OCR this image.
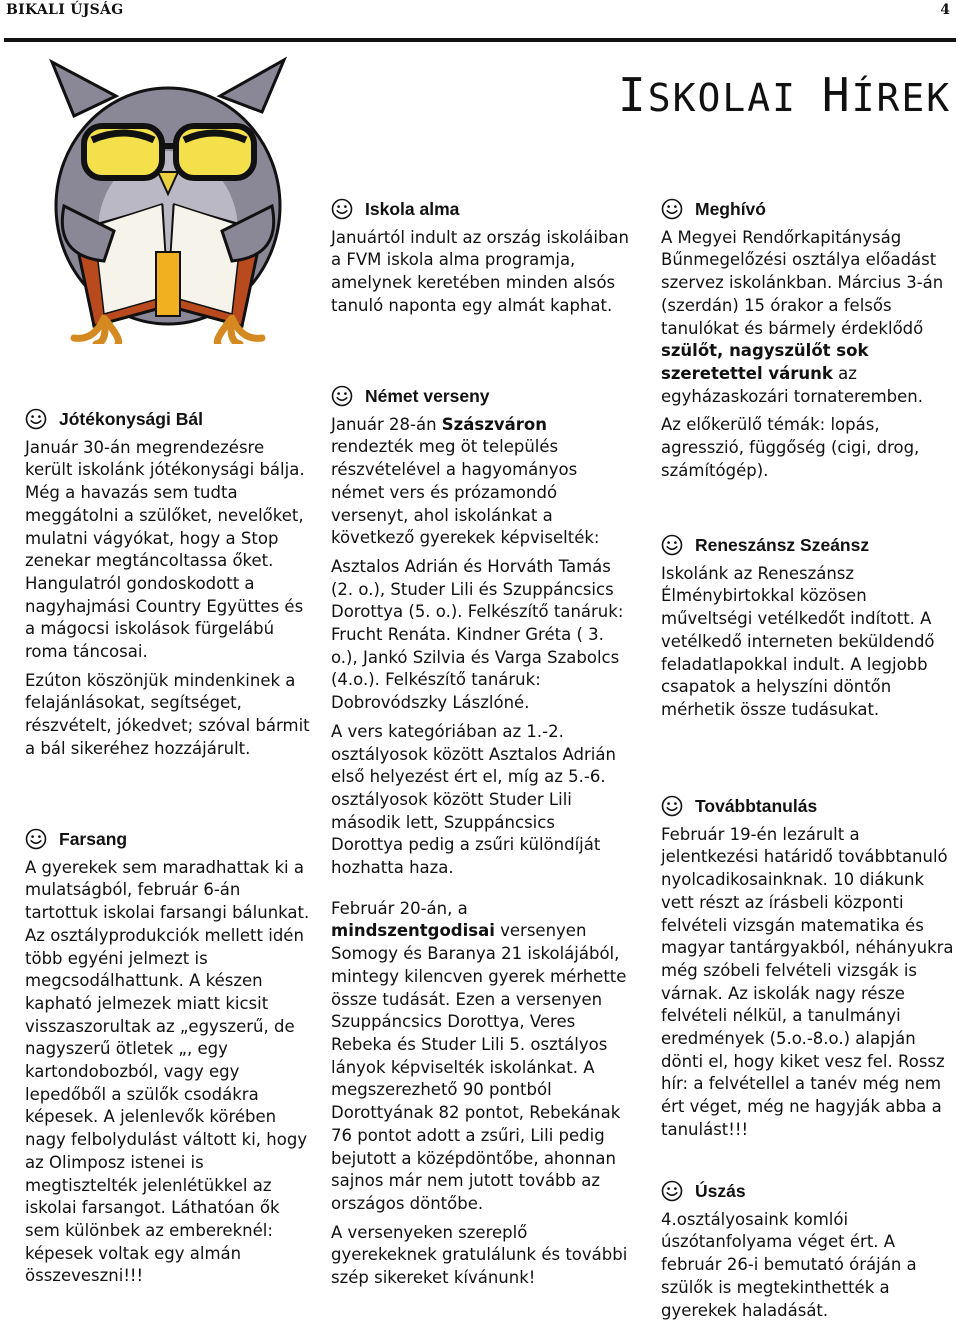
BIKALI ÚJSÁG	4
ISKOLAI HÍREK
Jótékonysági Bál

Január 30-án megrendezésre került iskolánk jótékonysági bálja. Még a havazás sem tudta meggátolni a szülőket, nevelőket, mulatni vágyókat, hogy a Stop zenekar megtáncoltassa őket. Hangulatról gondoskodott a nagyhajmási Country Együttes és a mágocsi iskolások fürgelábú roma táncosai.

Ezúton köszönjük mindenkinek a felajánlásokat, segítséget, részvételt, jókedvet; szóval bármit a bál sikeréhez hozzájárult.

Farsang

A gyerekek sem maradhattak ki a mulatságból, február 6-án tartottuk iskolai farsangi bálunkat. Az osztályprodukciók mellett idén több egyéni jelmezt is megcsodálhattunk. A készen kapható jelmezek miatt kicsit visszaszorultak az „egyszerű, de nagyszerű ötletek „, egy kartondobozból, vagy egy lepedőből a szülők csodákra képesek. A jelenlevők körében nagy felbolydulást váltott ki, hogy az Olimposz istenei is megtisztelték jelenlétükkel az iskolai farsangot. Láthatóan ők sem különbek az embereknél: képesek voltak egy almán összeveszni!!!

Iskola alma

Januártól indult az ország iskoláiban a FVM iskola alma programja, amelynek keretében minden alsós tanuló naponta egy almát kaphat.

Német verseny

Január 28-án Szászváron rendezték meg öt település részvételével a hagyományos német vers és prózamondó versenyt, ahol iskolánkat a következő gyerekek képviselték:

Asztalos Adrián és Horváth Tamás (2. o.), Studer Lili és Szuppáncsics Dorottya (5. o.). Felkészítő tanáruk: Frucht Renáta. Kindner Gréta ( 3. o.), Jankó Szilvia és Varga Szabolcs (4.o.). Felkészítő tanáruk: Dobrovódszky Lászlóné.

A vers kategóriában az 1.-2. osztályosok között Asztalos Adrián első helyezést ért el, míg az 5.-6. osztályosok között Studer Lili második lett, Szuppáncsics Dorottya pedig a zsűri különdíját hozhatta haza.

Február 20-án, a mindszentgodisai versenyen Somogy és Baranya 21 iskolájából, mintegy kilencven gyerek mérhette össze tudását. Ezen a versenyen Szuppáncsics Dorottya, Veres Rebeka és Studer Lili 5. osztályos lányok képviselték iskolánkat. A megszerezhető 90 pontból Dorottyának 82 pontot, Rebekának 76 pontot adott a zsűri, Lili pedig bejutott a középdöntőbe, ahonnan sajnos már nem jutott tovább az országos döntőbe.

A versenyeken szereplő gyerekeknek gratulálunk és további szép sikereket kívánunk!

Meghívó

A Megyei Rendőrkapitányság Bűnmegelőzési osztálya előadást szervez iskolánkban. Március 3-án (szerdán) 15 órakor a felsős tanulókat és bármely érdeklődő szülőt, nagyszülőt sok szeretettel várunk az egyházaskozári tornateremben.

Az előkerülő témák: lopás, agresszió, függőség (cigi, drog, számítógép).

Reneszánsz Szeánsz

Iskolánk az Reneszánsz Élménybirtokkal közösen műveltségi vetélkedőt indított. A vetélkedő interneten beküldendő feladatlapokkal indult. A legjobb csapatok a helyszíni döntőn mérhetik össze tudásukat.

Továbbtanulás

Február 19-én lezárult a jelentkezési határidő továbbtanuló nyolcadikosainknak. 10 diákunk vett részt az írásbeli központi felvételi vizsgán matematika és magyar tantárgyakból, néhányukra még szóbeli felvételi vizsgák is várnak. Az iskolák nagy része felvételi nélkül, a tanulmányi eredmények (5.o.-8.o.) alapján dönti el, hogy kiket vesz fel. Rossz hír: a felvétellel a tanév még nem ért véget, még ne hagyják abba a tanulást!!!

Úszás

4.osztályosaink komlói úszótanfolyama véget ért. A február 26-i bemutató óráján a szülők is megtekinthették a gyerekek haladását.
